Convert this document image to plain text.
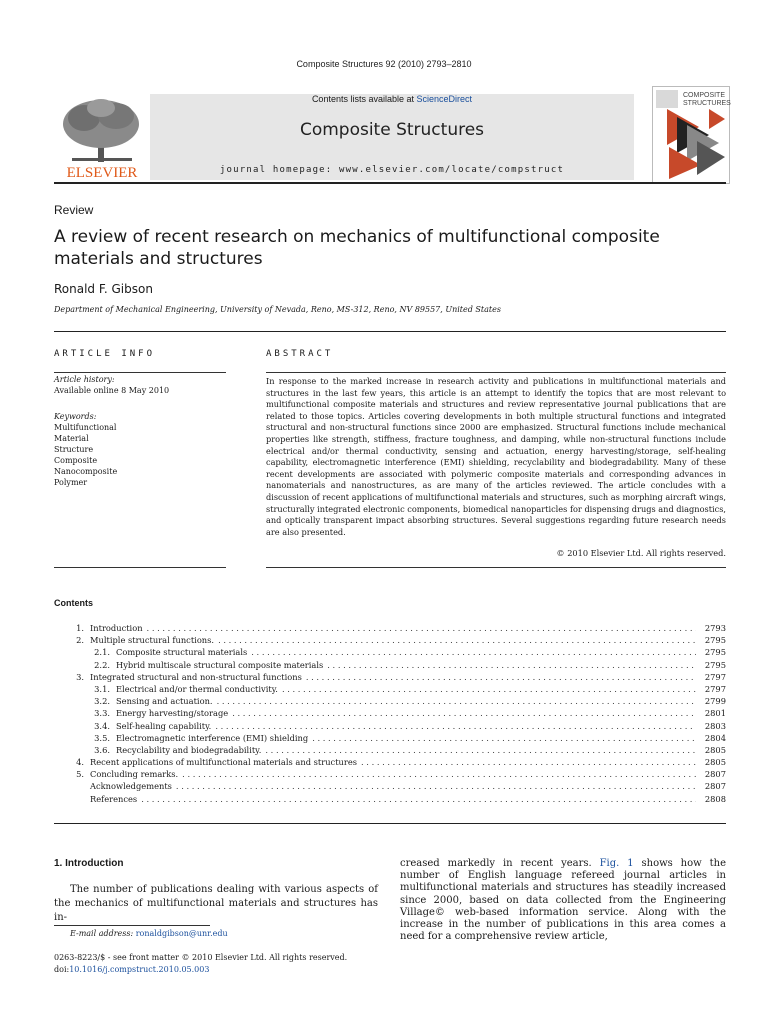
Composite Structures 92 (2010) 2793–2810
ELSEVIER
Contents lists available at ScienceDirect
Composite Structures
journal homepage: www.elsevier.com/locate/compstruct
COMPOSITE
STRUCTURES
Review
A review of recent research on mechanics of multifunctional composite materials and structures
Ronald F. Gibson
Department of Mechanical Engineering, University of Nevada, Reno, MS-312, Reno, NV 89557, United States
ARTICLE INFO	ABSTRACT
Article history:
Available online 8 May 2010
Keywords:
Multifunctional
Material
Structure
Composite
Nanocomposite
Polymer
In response to the marked increase in research activity and publications in multifunctional materials and structures in the last few years, this article is an attempt to identify the topics that are most relevant to multifunctional composite materials and structures and review representative journal publications that are related to those topics. Articles covering developments in both multiple structural functions and integrated structural and non-structural functions since 2000 are emphasized. Structural functions include mechanical properties like strength, stiffness, fracture toughness, and damping, while non-structural functions include electrical and/or thermal conductivity, sensing and actuation, energy harvesting/storage, self-healing capability, electromagnetic interference (EMI) shielding, recyclability and biodegradability. Many of these recent developments are associated with polymeric composite materials and corresponding advances in nanomaterials and nanostructures, as are many of the articles reviewed. The article concludes with a discussion of recent applications of multifunctional materials and structures, such as morphing aircraft wings, structurally integrated electronic components, biomedical nanoparticles for dispensing drugs and diagnostics, and optically transparent impact absorbing structures. Several suggestions regarding future research needs are also presented.
© 2010 Elsevier Ltd. All rights reserved.
Contents
1. Introduction . . .	2793
2. Multiple structural functions. . . .	2795
2.1. Composite structural materials . . .	2795
2.2. Hybrid multiscale structural composite materials . . .	2795
3. Integrated structural and non-structural functions . . .	2797
3.1. Electrical and/or thermal conductivity. . . .	2797
3.2. Sensing and actuation. . . .	2799
3.3. Energy harvesting/storage . . .	2801
3.4. Self-healing capability. . . .	2803
3.5. Electromagnetic interference (EMI) shielding . . .	2804
3.6. Recyclability and biodegradability. . . .	2805
4. Recent applications of multifunctional materials and structures . . .	2805
5. Concluding remarks. . . .	2807
Acknowledgements . . .	2807
References . . .	2808
1. Introduction
The number of publications dealing with various aspects of the mechanics of multifunctional materials and structures has in-
creased markedly in recent years. Fig. 1 shows how the number of English language refereed journal articles in multifunctional materials and structures has steadily increased since 2000, based on data collected from the Engineering Village© web-based information service. Along with the increase in the number of publications in this area comes a need for a comprehensive review article,
E-mail address: ronaldgibson@unr.edu
0263-8223/$ - see front matter © 2010 Elsevier Ltd. All rights reserved.
doi:10.1016/j.compstruct.2010.05.003
